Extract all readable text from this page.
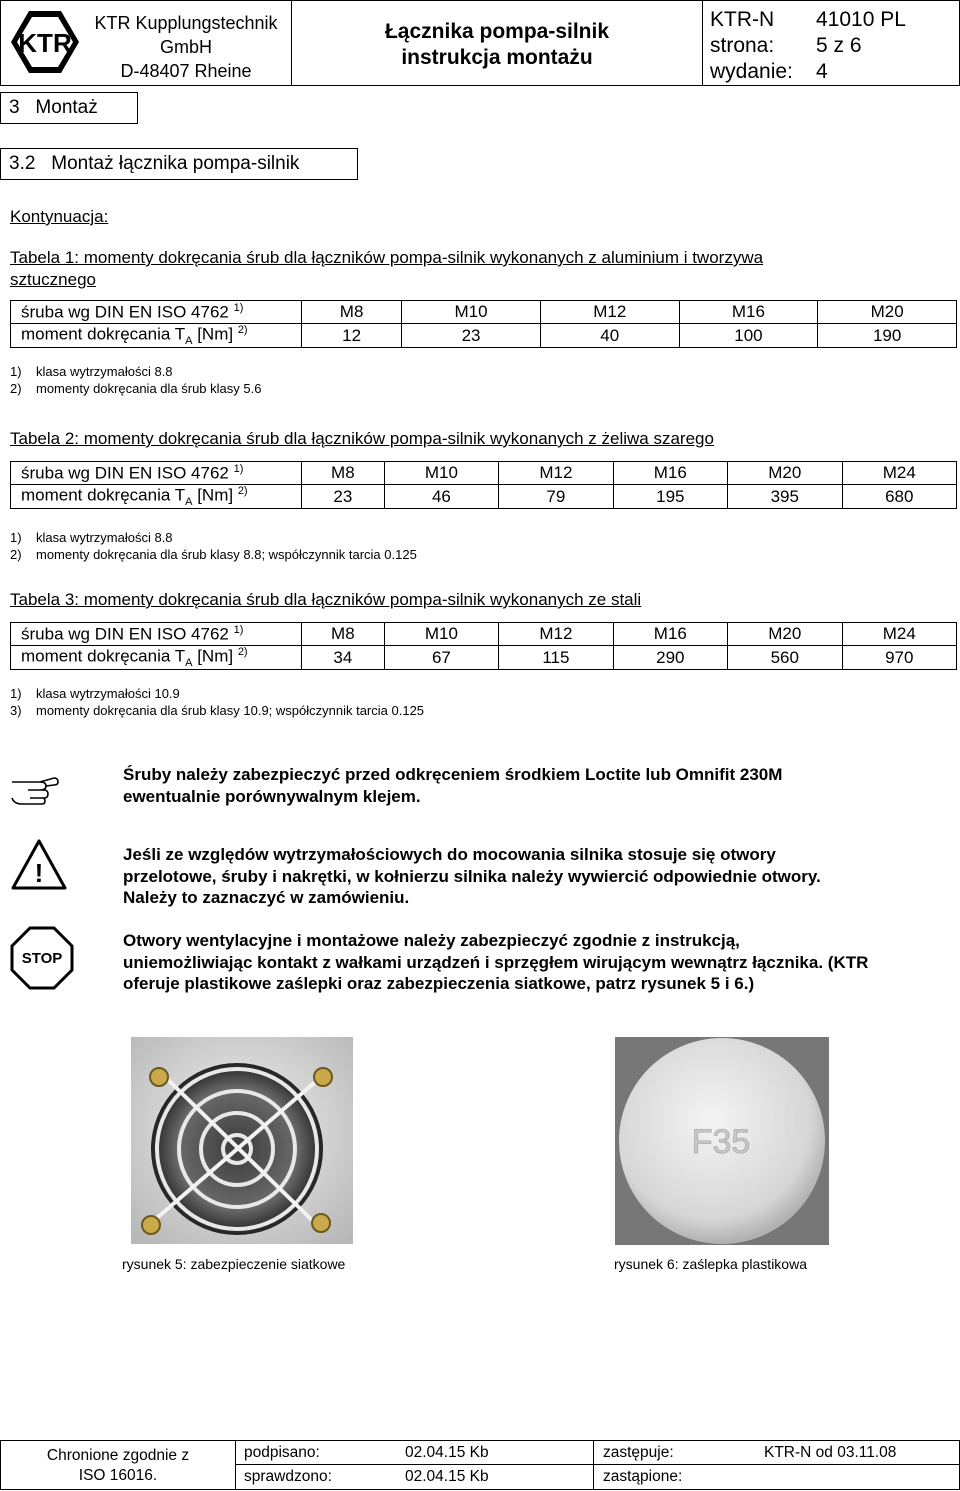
KTR
KTR Kupplungstechnik
GmbH
D-48407 Rheine
Łącznika pompa-silnik
instrukcja montażu
KTR-N 41010 PL
strona: 5 z 6
wydanie: 4
3 Montaż
3.2 Montaż łącznika pompa-silnik
Kontynuacja:
Tabela 1: momenty dokręcania śrub dla łączników pompa-silnik wykonanych z aluminium i tworzywa
sztucznego
śruba wg DIN EN ISO 4762 $^{1)}$	M8	M10	M12	M16	M20
moment dokręcania $T_A$ [Nm] $^{2)}$	12	23	40	100	190
1) klasa wytrzymałości 8.8
2) momenty dokręcania dla śrub klasy 5.6
Tabela 2: momenty dokręcania śrub dla łączników pompa-silnik wykonanych z żeliwa szarego
śruba wg DIN EN ISO 4762 $^{1)}$	M8	M10	M12	M16	M20	M24
moment dokręcania $T_A$ [Nm] $^{2)}$	23	46	79	195	395	680
1) klasa wytrzymałości 8.8
2) momenty dokręcania dla śrub klasy 8.8; współczynnik tarcia 0.125
Tabela 3: momenty dokręcania śrub dla łączników pompa-silnik wykonanych ze stali
śruba wg DIN EN ISO 4762 $^{1)}$	M8	M10	M12	M16	M20	M24
moment dokręcania $T_A$ [Nm] $^{2)}$	34	67	115	290	560	970
1) klasa wytrzymałości 10.9
3) momenty dokręcania dla śrub klasy 10.9; współczynnik tarcia 0.125
Śruby należy zabezpieczyć przed odkręceniem środkiem Loctite lub Omnifit 230M
ewentualnie porównywalnym klejem.
!
Jeśli ze względów wytrzymałościowych do mocowania silnika stosuje się otwory
przelotowe, śruby i nakrętki, w kołnierzu silnika należy wywiercić odpowiednie otwory.
Należy to zaznaczyć w zamówieniu.
STOP
Otwory wentylacyjne i montażowe należy zabezpieczyć zgodnie z instrukcją,
uniemożliwiając kontakt z wałkami urządzeń i sprzęgłem wirującym wewnątrz łącznika. (KTR
oferuje plastikowe zaślepki oraz zabezpieczenia siatkowe, patrz rysunek 5 i 6.)
rysunek 5: zabezpieczenie siatkowe
F35
rysunek 6: zaślepka plastikowa
Chronione zgodnie z
ISO 16016.
podpisano:	02.04.15 Kb
sprawdzono:	02.04.15 Kb
zastępuje:	KTR-N od 03.11.08
zastąpione:
